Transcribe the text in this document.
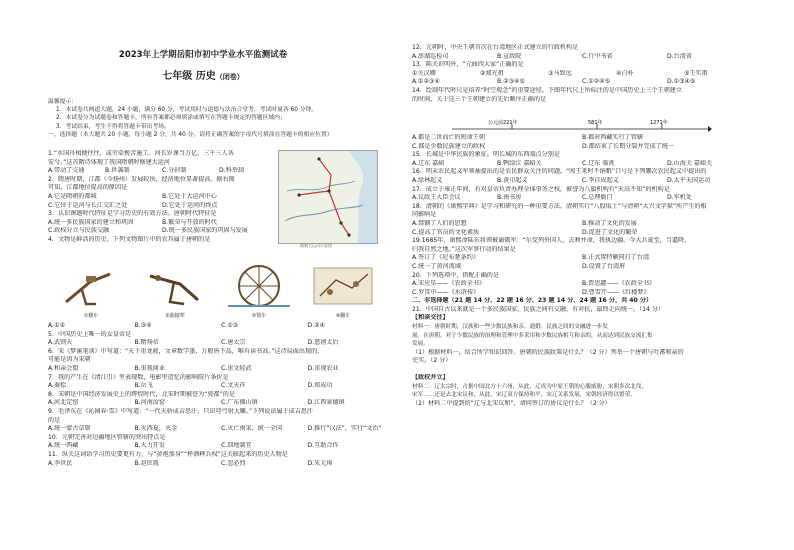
2023年上学期岳阳市初中学业水平监测试卷
七年级 历史（闭卷）
温馨提示：
1．本试卷共两道大题，24 小题，满分 60 分，考试用时与道德与法治合堂考，考试时量各 60 分钟。
2．本试卷分为试题卷和答题卡，所有答案都必须填涂或填写在答题卡规定的答题区域内；
3．考试结束，考生不得将答题卡带出考场。
一、选择题（本大题共 20 小题，每小题 2 分，共 40 分。请将正确答案的字母代号填涂在答题卡的相应位置）
1.“水国舟楫便往往，或劳牵挽苦施工。河长岁课当万亿，三千三人各
安兮。”这首隋诗体现了我国隋朝时修建大运河
A.带动了交通	B.世袭制	C.分封制	D.科举制
2．隋唐时期，江都（今扬州）发展较快，经济地位显著提高。据右图
可知，江都地位提高的原因是
A.它是隋朝的都城	B.它处于大运河中心
C.它位于运河与长江交汇之处	D.它处于运河的终点
3．认识课题时代特征是学习历史的有效方法。唐朝时代特征是
A.统一多民族国家的建立和巩固	B.繁荣与开放的时代
C.政权分立与民族交融	D.统一多民族国家的巩固与发展
4．文物是鲜活的历史。下列文物图片中的农具属于唐朝的是
隋朝大运河示意图
①耧车	②曲辕犁	③筒车	④翻车
A.①②	B.③④	C.①③	D.②④
5．中国历史上唯一的女皇帝是
A.武则天	B.隋炀帝	C.唐太宗	D.慈禧太后
6．宋《梦溪笔谈》中写道：“天下重龙骏，文章数学墨，万般皆下品，唯有读书高。”这诗局面出现的，
可能是因为宋朝
A.和亲会盟	B.重视商业	C.重文轻武	D.重视农业
7．我的产生在《清江引》里表现数，电影里造忆的影响院片条价是
A.秦桧	B.岳飞	C.文天祥	D.郑成功
8．宋朝是中国经济发展史上的辉煌时代，北宋时期被誉为“瓷都”的是
A.河北定窑	B.河南汝窑	C.广东佛山镇	D.江西景德镇
9．毛泽东在《沁园春·雪》中写道：“一代天骄成吉思汗，只识弯弓射大雕。”下列说法属于成吉思汗
的是
A.统一蒙古草原	B.灭西夏，灭金	C.灭亡南宋，统一全国	D.推行“汉法”，实行“文治”
10．元朝完善对边疆地区管辖的突出特点是
A.统一西藏	B.大力开发	C.回地制宜	D.互助合作
11．纵关这词语学习历史要更有力，与“黄袍加身”“杯酒释兵权”这关联起来的历史人物是
A.李世民	B.赵匡胤	C.忽必烈	D.朱元璋
12．元朝时，中央王朝首次在台湾地区正式建立的行政机构是
A.澎湖巡检司	B.宣政院	C.行中书省	D.台湾省
13．陈关识明外，“元曲四大家”正确的是
①关汉卿	②郑光祖	③马致远	④白朴	⑤王实甫
A.①②③④	B.②③④⑤	C.①②④⑤	D.①③④⑤
14．绘制年代时尺是培养“时空观念”的重要途径。下图年代尺上所标注的是中国历史上三个王朝建立
的时间，关于这三个王朝建立的先后顺序正确的是
公元前221年	581年	1271年
A.都是二世而亡的短命王朝	B.都对西藏实行了管辖
C.都是少数民族建立的政权	D.都结束了长期分裂并完成了统一
15．长城是中华民族的象征。明长城的东西端点分别是
A.辽东 嘉峪	B.鸭绿江 嘉峪关	C.辽东 临洮	D.山海关 嘉峪关
16．明末农民起义军领袖提出的是农民群众关注的问题。“闯王来时不纳粮”口号是下列哪次农民起义中提出的
A.绿林起义	B.黄巾起义	C.李自成起义	D.太平天国运动
17．成立于雍正年间，有对皇帝负责办理全体事务之权，被誉为八旗机构有“天高不知”的机构是
A.议政王大臣会议	B.南书房	C.总理衙门	D.军机处
18．清朝的《康熙字典》是学习和研究的一种重要方法。清朝实行“八股取士”与清朝“大兴文字狱”所产生的相
同影响是
A.禁锢了人们的思想	B.推动了文化的发展
C.提高了官员的文化素质	D.促进了文化的繁荣
19.1685年，康熙命陆东将领被谕俄军：“尔受列外国人，去利并命，我执边疆。今大兵夏至，当逼降，
归我自然之地。”这次军事行动的结果是
A.签订了《尼布楚条约》	B.正式置特剿同打了台湾
C.统一了黄河流域	D.设置了台湾府
20．下列选项中，搭配正确的是
A.宋应星——《农政全书》	B.贾思勰——《农政全书》
C.罗贯中——《水浒传》	D.曹雪芹——《红楼梦》
二、非选择题（21 题 14 分、22 题 16 分、23 题 14 分、24 题 16 分，共 40 分）
21．中国自古以来就是一个多民族国家，民族之间有交融，有对抗，最终走向统一。（14 分）
【和亲交往】
材料一：唐朝时期，汉族和一些少数民族和亲。通婚。民族之间的交融进一步发
展。在唐朝，对于少数民族的治理和管理中多采用和少数民族相互和亲的，从而达到民族交流汇集
发展。
（1）根据材料一，结合所学知识回答。唐朝的民族政策是什么？（2 分）列举一个唐朝与吐蕃和亲的
史实。（2 分）
【政权并立】
材料二：辽太宗时，占据中国北方十六州，从此，辽成为中原王朝的心腹威胁，宋朝多次北伐，
宋军……还是去北宋议和，从此，宋辽双方保持和平，宋辽关系发展，宋朝经济得以繁荣。
（2）材料二中提到的“辽与北宋议和”，请问签订的协议是什么？（2 分）
